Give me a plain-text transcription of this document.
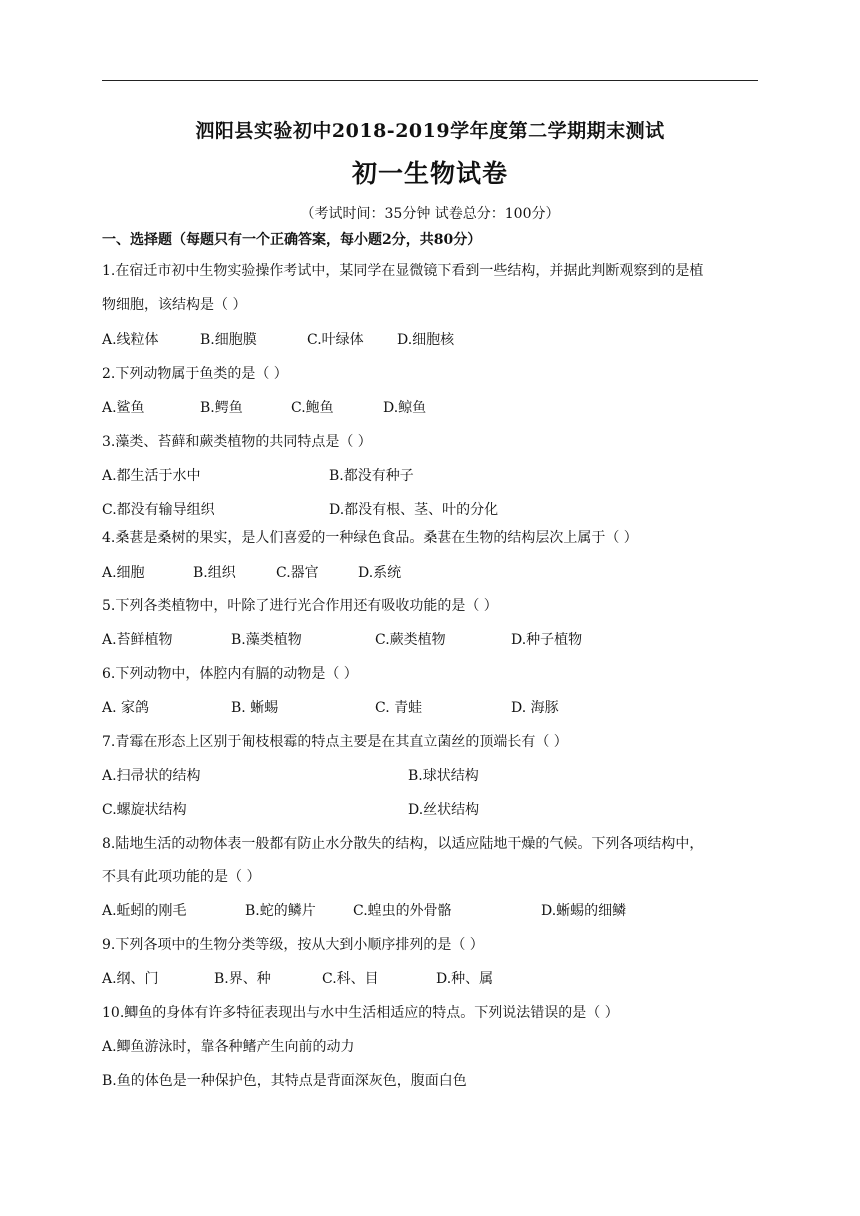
泗阳县实验初中2018-2019学年度第二学期期末测试
初一生物试卷
（考试时间：35分钟 试卷总分：100分）
一、选择题（每题只有一个正确答案，每小题2分，共80分）
1.在宿迁市初中生物实验操作考试中，某同学在显微镜下看到一些结构，并据此判断观察到的是植
物细胞，该结构是（ ）
A.线粒体	B.细胞膜	C.叶绿体 D.细胞核
2.下列动物属于鱼类的是（ ）
A.鲨鱼	B.鳄鱼	C.鲍鱼	D.鲸鱼
3.藻类、苔藓和蕨类植物的共同特点是（ ）
A.都生活于水中	B.都没有种子
C.都没有输导组织	D.都没有根、茎、叶的分化
4.桑葚是桑树的果实，是人们喜爱的一种绿色食品。桑葚在生物的结构层次上属于（ ）
A.细胞	B.组织	C.器官	D.系统
5.下列各类植物中，叶除了进行光合作用还有吸收功能的是（ ）
A.苔鲜植物	B.藻类植物	C.蕨类植物	D.种子植物
6.下列动物中，体腔内有膈的动物是（ ）
A. 家鸽	B. 蜥蜴	C. 青蛙	D. 海豚
7.青霉在形态上区别于匍枝根霉的特点主要是在其直立菌丝的顶端长有（ ）
A.扫帚状的结构	B.球状结构
C.螺旋状结构	D.丝状结构
8.陆地生活的动物体表一般都有防止水分散失的结构，以适应陆地干燥的气候。下列各项结构中，
不具有此项功能的是（ ）
A.蚯蚓的刚毛	B.蛇的鳞片	C.蝗虫的外骨骼	D.蜥蜴的细鳞
9.下列各项中的生物分类等级，按从大到小顺序排列的是（ ）
A.纲、门	B.界、种	C.科、目	D.种、属
10.鲫鱼的身体有许多特征表现出与水中生活相适应的特点。下列说法错误的是（ ）
A.鲫鱼游泳时，靠各种鳍产生向前的动力
B.鱼的体色是一种保护色，其特点是背面深灰色，腹面白色
